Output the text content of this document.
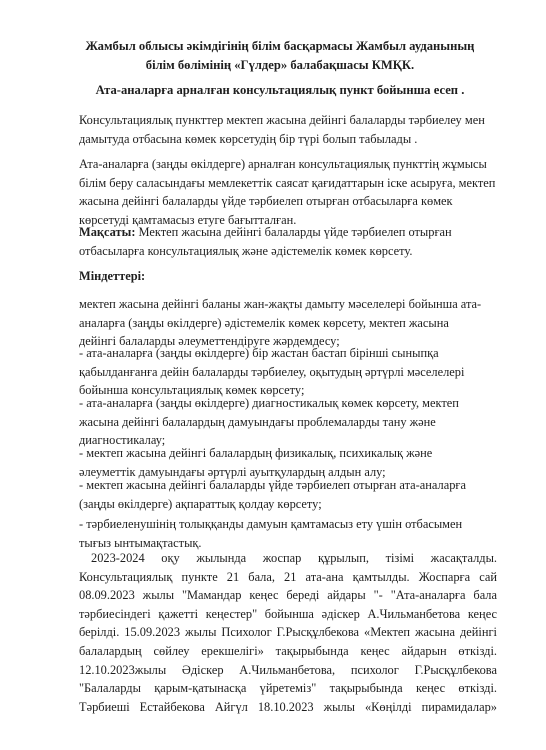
Жамбыл облысы әкімдігінің білім басқармасы Жамбыл ауданының
білім бөлімінің «Гүлдер» балабақшасы КМҚК.
Ата-аналарға арналған консультациялық пункт бойынша есеп .
Консультациялық пункттер мектеп жасына дейінгі балаларды тәрбиелеу мен дамытуда отбасына көмек көрсетудің бір түрі болып табылады .
Ата-аналарға (заңды өкілдерге) арналған консультациялық пункттің жұмысы білім беру саласындағы мемлекеттік саясат қағидаттарын іске асыруға, мектеп жасына дейінгі балаларды үйде тәрбиелеп отырған отбасыларға көмек көрсетуді қамтамасыз етуге бағытталған.
Мақсаты: Мектеп жасына дейінгі балаларды үйде тәрбиелеп отырған отбасыларға консультациялық және әдістемелік көмек көрсету.
Міндеттері:
мектеп жасына дейінгі баланы жан-жақты дамыту мәселелері бойынша ата-аналарға (заңды өкілдерге) әдістемелік көмек көрсету, мектеп жасына дейінгі балаларды әлеуметтендіруге жәрдемдесу;
- ата-аналарға (заңды өкілдерге) бір жастан бастап бірінші сыныпқа қабылданғанға дейін балаларды тәрбиелеу, оқытудың әртүрлі мәселелері бойынша консультациялық көмек көрсету;
- ата-аналарға (заңды өкілдерге) диагностикалық көмек көрсету, мектеп жасына дейінгі балалардың дамуындағы проблемаларды тану және диагностикалау;
- мектеп жасына дейінгі балалардың физикалық, психикалық және әлеуметтік дамуындағы әртүрлі ауытқулардың алдын алу;
- мектеп жасына дейінгі балаларды үйде тәрбиелеп отырған ата-аналарға (заңды өкілдерге) ақпараттық қолдау көрсету;
- тәрбиеленушінің толыққанды дамуын қамтамасыз ету үшін отбасымен тығыз ынтымақтастық.
2023-2024 оқу жылында жоспар құрылып, тізімі жасақталды.
Консультациялық пункте 21 бала, 21 ата-ана қамтылды. Жоспарға сай
08.09.2023 жылы "Мамандар кеңес береді айдары "- "Ата-аналарға бала
тәрбиесіндегі қажетті кеңестер" бойынша әдіскер А.Чильманбетова кеңес
берілді. 15.09.2023 жылы Психолог Г.Рысқұлбекова «Мектеп жасына дейінгі
балалардың сөйлеу ерекшелігі» тақырыбында кеңес айдарын өткізді.
12.10.2023жылы Әдіскер А.Чильманбетова, психолог Г.Рысқұлбекова
"Балаларды қарым-қатынасқа үйретеміз" тақырыбында кеңес өткізді.
Тәрбиеші Естайбекова Айгүл 18.10.2023 жылы «Көңілді пирамидалар»
